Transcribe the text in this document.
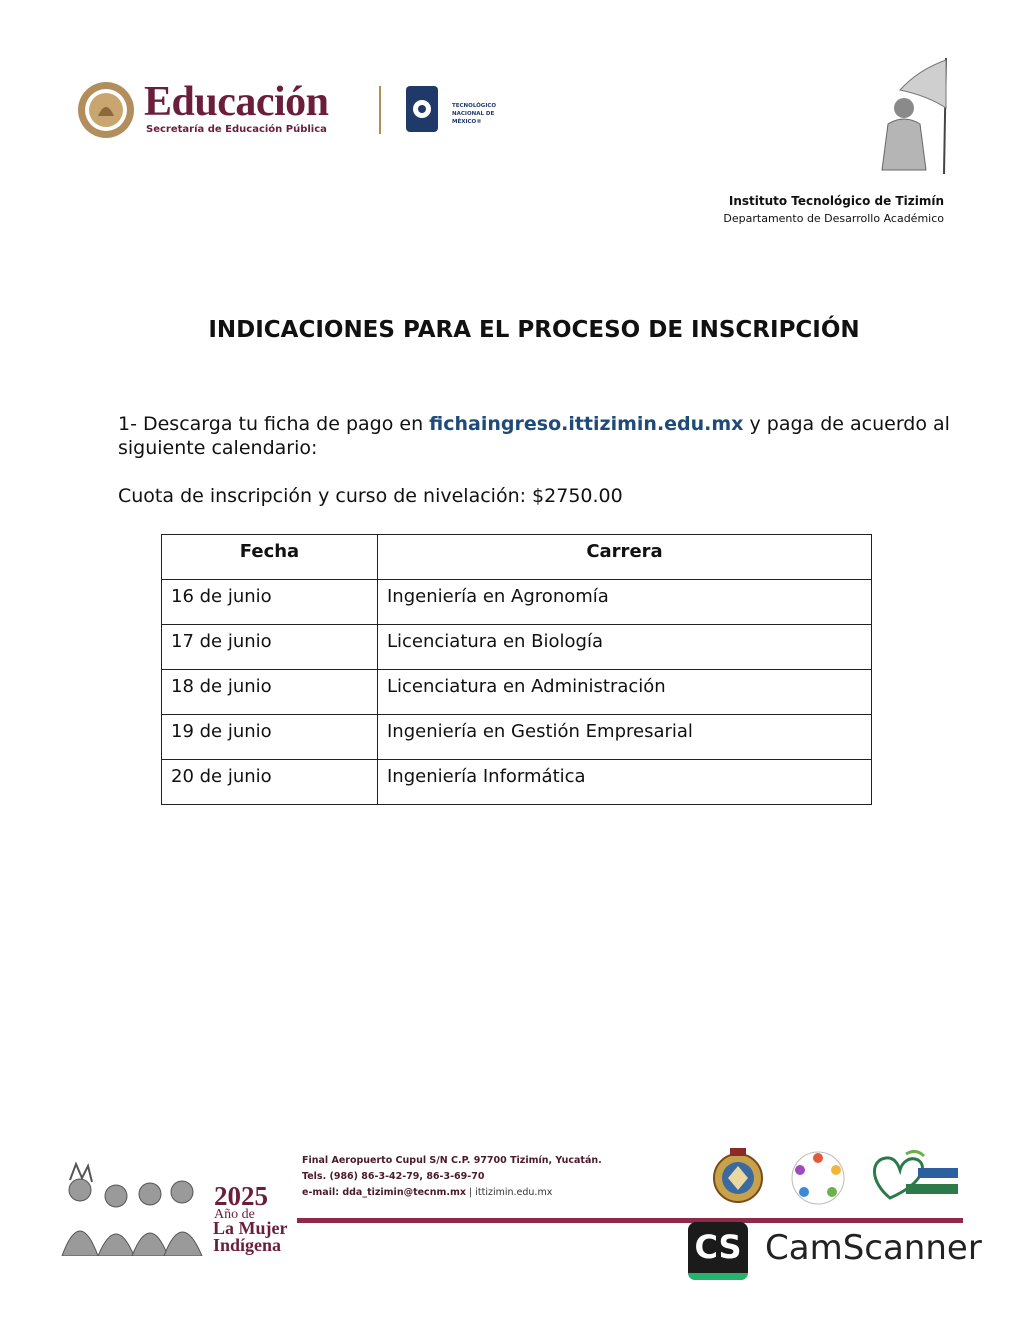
Educación
Secretaría de Educación Pública
TECNOLÓGICO NACIONAL DE MÉXICO®
Instituto Tecnológico de Tizimín
Departamento de Desarrollo Académico
INDICACIONES PARA EL PROCESO DE INSCRIPCIÓN
1- Descarga tu ficha de pago en fichaingreso.ittizimin.edu.mx y paga de acuerdo al siguiente calendario:
Cuota de inscripción y curso de nivelación: $2750.00
Fecha	Carrera
16 de junio	Ingeniería en Agronomía
17 de junio	Licenciatura en Biología
18 de junio	Licenciatura en Administración
19 de junio	Ingeniería en Gestión Empresarial
20 de junio	Ingeniería Informática
2025
Año de
La Mujer
Indígena
Final Aeropuerto Cupul S/N C.P. 97700 Tizimín, Yucatán.
Tels. (986) 86-3-42-79, 86-3-69-70
e-mail: dda_tizimin@tecnm.mx | ittizimin.edu.mx
CS CamScanner
